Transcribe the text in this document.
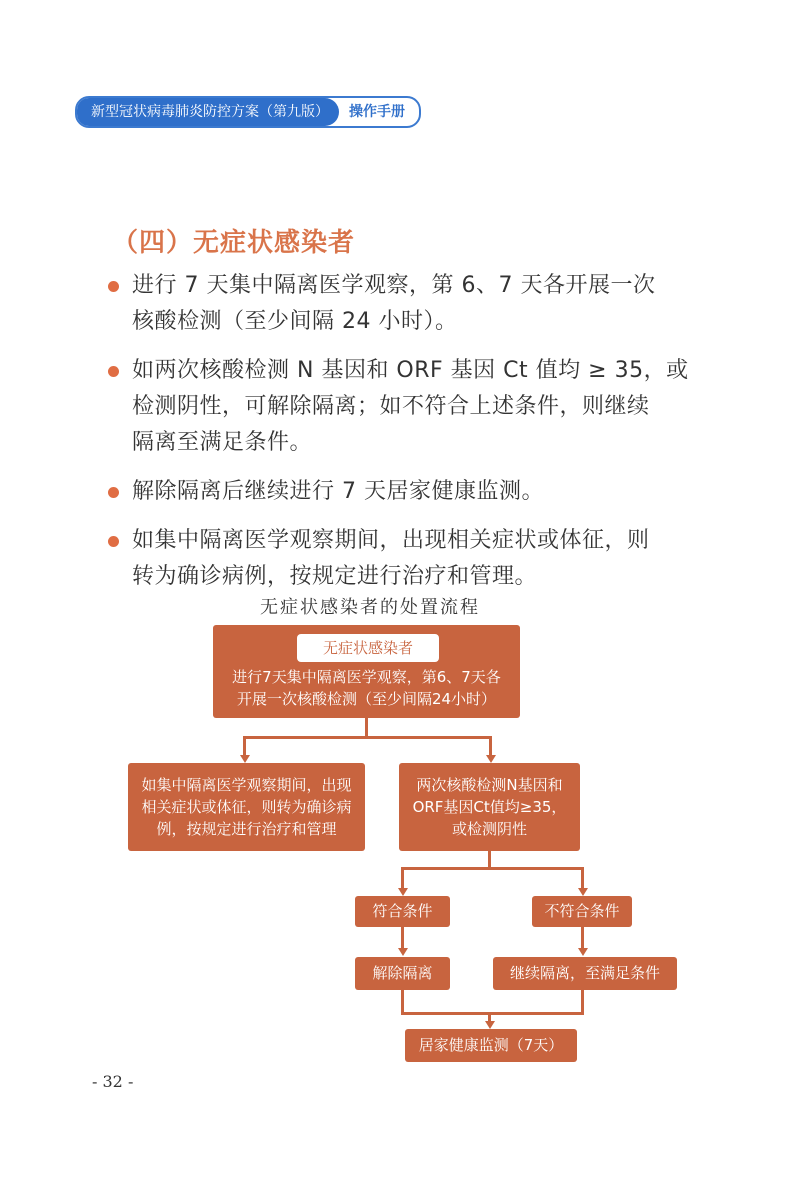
新型冠状病毒肺炎防控方案（第九版）	操作手册
（四）无症状感染者
进行 7 天集中隔离医学观察，第 6、7 天各开展一次
核酸检测（至少间隔 24 小时）。
如两次核酸检测 N 基因和 ORF 基因 Ct 值均 ≥ 35，或
检测阴性，可解除隔离；如不符合上述条件，则继续
隔离至满足条件。
解除隔离后继续进行 7 天居家健康监测。
如集中隔离医学观察期间，出现相关症状或体征，则
转为确诊病例，按规定进行治疗和管理。
无症状感染者的处置流程
进行7天集中隔离医学观察，第6、7天各
开展一次核酸检测（至少间隔24小时）
无症状感染者
如集中隔离医学观察期间，出现
相关症状或体征，则转为确诊病
例，按规定进行治疗和管理
两次核酸检测N基因和
ORF基因Ct值均≥35，
或检测阴性
符合条件	不符合条件
解除隔离	继续隔离，至满足条件
居家健康监测（7天）
- 32 -
